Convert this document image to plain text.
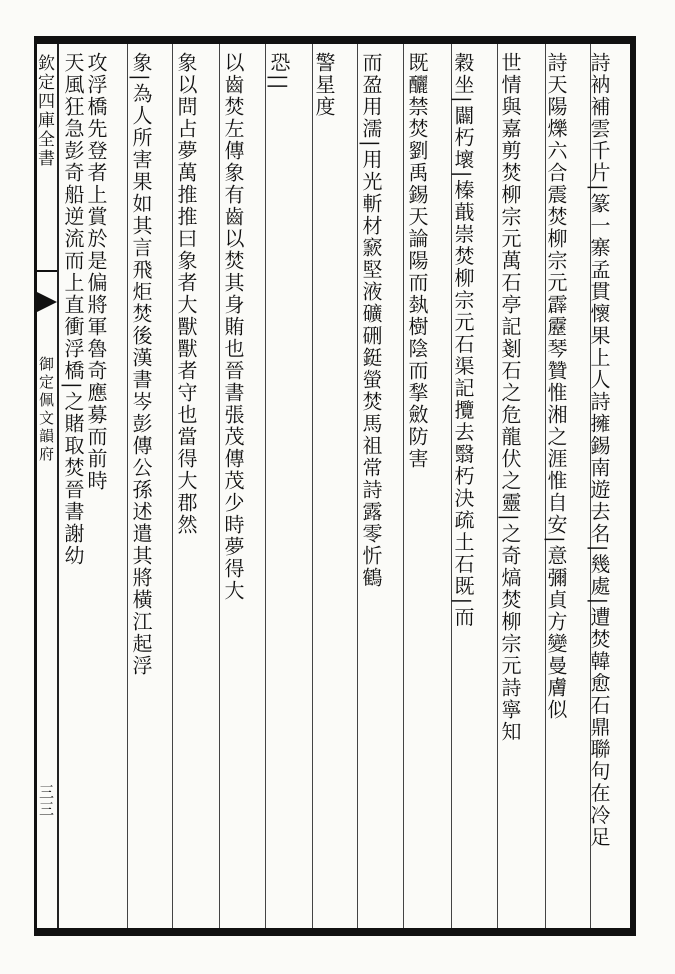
欽定四庫全書
御定佩文韻府
三三	詩衲補雲千片|篆一寨孟貫懷果上人詩擁錫南遊去名|幾處|遭焚韓愈石鼎聯句在冷足
詩天陽爍六合震焚柳宗元霹靂琴贊惟湘之涯惟自安|意彌貞方變曼膚似
世情與嘉剪焚柳宗元萬石亭記剗石之危龍伏之靈|之奇熇焚柳宗元詩寧知
穀坐|闢朽壞|榛蕺崇焚柳宗元石渠記攬去翳朽決疏土石既|而
既釃禁焚劉禹錫天論陽而埶樹陰而揫斂防害
而盈用濡|用光斬材窾堅液礦硎鋌螢焚馬祖常詩露零忻鶴
警星度
恐||
以齒焚左傳象有齒以焚其身賄也晉書張茂傳茂少時夢得大
象以問占夢萬推推曰象者大獸獸者守也當得大郡然
象|為人所害果如其言飛炬焚後漢書岑彭傳公孫述遣其將橫江起浮
攻浮橋先登者上賞於是偏將軍魯奇應募而前時
天風狂急彭奇船逆流而上直衝浮橋|之賭取焚晉書謝幼
